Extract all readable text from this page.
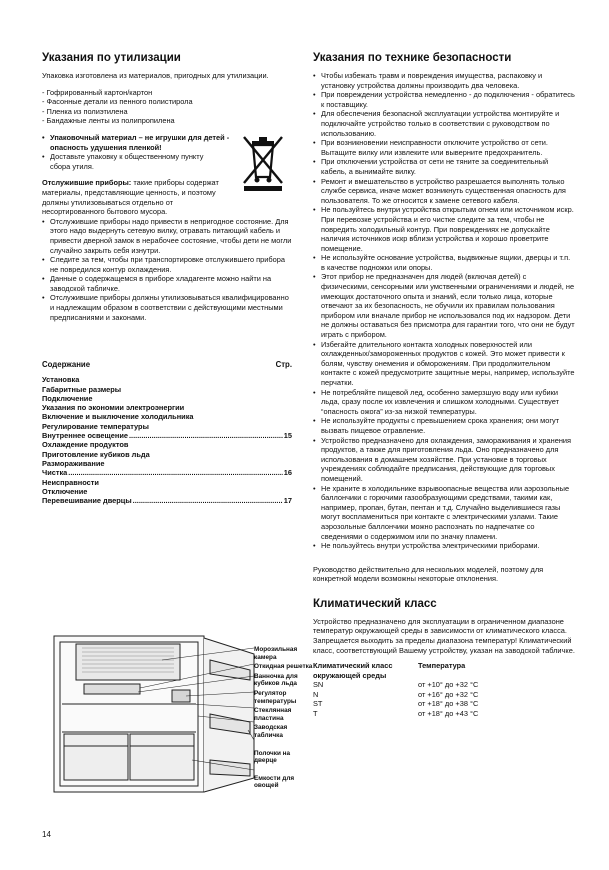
Указания по утилизации

Упаковка изготовлена из материалов, пригодных для утилизации.

- Гофрированный картон/картон
- Фасонные детали из пенного полистирола
- Пленка из полиэтилена
- Бандажные ленты из полипропилена
• Упаковочный материал – не игрушки для детей - опасность удушения пленкой!
• Доставьте упаковку к общественному пункту сбора утиля.

Отслужившие приборы: такие приборы содержат материалы, представляющие ценность, и поэтому должны утилизовываться отдельно от несортированного бытового мусора.

• Отслужившие приборы надо привести в непригодное состояние. Для этого надо выдернуть сетевую вилку, отравать питающий кабель и привести дверной замок в нерабочее состояние, чтобы дети не могли случайно закрыть себя изнутри.
• Следите за тем, чтобы при транспортировке отслужившего прибора не повредился контур охлаждения.
• Данные о содержащемся в приборе хладагенте можно найти на заводской табличке.
• Отслужившие приборы должны утилизовываться квалифицированно и надлежащим образом в соответствии с действующими местными предписаниями и законами.
Содержание	Стр.
Установка
Габаритные размеры
Подключение
Указания по экономии электроэнергии
Включение и выключение холодильника
Регулирование температуры
Внутреннее освещение .....	15
Охлаждение продуктов
Приготовление кубиков льда
Размораживание
Чистка .....	16
Неисправности
Отключение
Перевешивание дверцы .....	17
Морозильная камера
Откидная решетка
Ванночка для кубиков льда
Регулятор температуры
Стеклянная пластина
Заводская табличка
Полочки на дверце
Емкости для овощей
Указания по технике безопасности
• Чтобы избежать травм и повреждения имущества, распаковку и установку устройства должны производить два человека.
• При повреждении устройства немедленно - до подключения - обратитесь к поставщику.
• Для обеспечения безопасной эксплуатации устройства монтируйте и подключайте устройство только в соответствии с руководством по использованию.
• При возникновении неисправности отключите устройство от сети. Вытащите вилку или извлеките или выверните предохранитель.
• При отключении устройства от сети не тяните за соединительный кабель, а вынимайте вилку.
• Ремонт и вмешательство в устройство разрешается выполнять только службе сервиса, иначе может возникнуть существенная опасность для пользователя. То же относится к замене сетевого кабеля.
• Не пользуйтесь внутри устройства открытым огнем или источником искр. При перевозке устройства и его чистке следите за тем, чтобы не повредить холодильный контур. При повреждениях не допускайте наличия источников искр вблизи устройства и хорошо проветрите помещение.
• Не используйте основание устройства, выдвижные ящики, дверцы и т.п. в качестве подножки или опоры.
• Этот прибор не предназначен для людей (включая детей) с физическими, сенсорными или умственными ограничениями и людей, не имеющих достаточного опыта и знаний, если только лица, которые отвечают за их безопасность, не обучили их правилам пользования прибором или вначале прибор не использовался под их надзором. Дети не должны оставаться без присмотра для гарантии того, что они не будут играть с прибором.
• Избегайте длительного контакта холодных поверхностей или охлажденных/замороженных продуктов с кожей. Это может привести к болям, чувству онемения и обморожениям. При продолжительном контакте с кожей предусмотрите защитные меры, например, используйте перчатки.
• Не потребляйте пищевой лед, особенно замерзшую воду или кубики льда, сразу после их извлечения и слишком холодными. Существует “опасность ожога” из-за низкой температуры.
• Не используйте продукты с превышением срока хранения; они могут вызвать пищевое отравление.
• Устройство предназначено для охлаждения, замораживания и хранения продуктов, а также для приготовления льда. Оно предназначено для использования в домашнем хозяйстве. При установке в торговых учреждениях соблюдайте предписания, действующие для торговых помещений.
• Не храните в холодильнике взрывоопасные вещества или аэрозольные баллончики с горючими газообразующими средствами, такими как, например, пропан, бутан, пентан и т.д. Случайно выделившиеся газы могут воспламениться при контакте с электрическими узлами. Такие аэрозольные баллончики можно распознать по надпечатке со сведениями о содержимом или по значку пламени.
• Не пользуйтесь внутри устройства электрическими приборами.

Руководство действительно для нескольких моделей, поэтому для конкретной модели возможны некоторые отклонения.

Климатический класс

Устройство предназначено для эксплуатации в ограниченном диапазоне температур окружающей среды в зависимости от климатического класса. Запрещается выходить за пределы диапазона температур! Климатический класс, соответствующий Вашему устройству, указан на заводской табличке.

Климатический класс окружающей среды	Температура
SN	от +10° до +32 °C
N	от +16° до +32 °C
ST	от +18° до +38 °C
T	от +18° до +43 °C
14
